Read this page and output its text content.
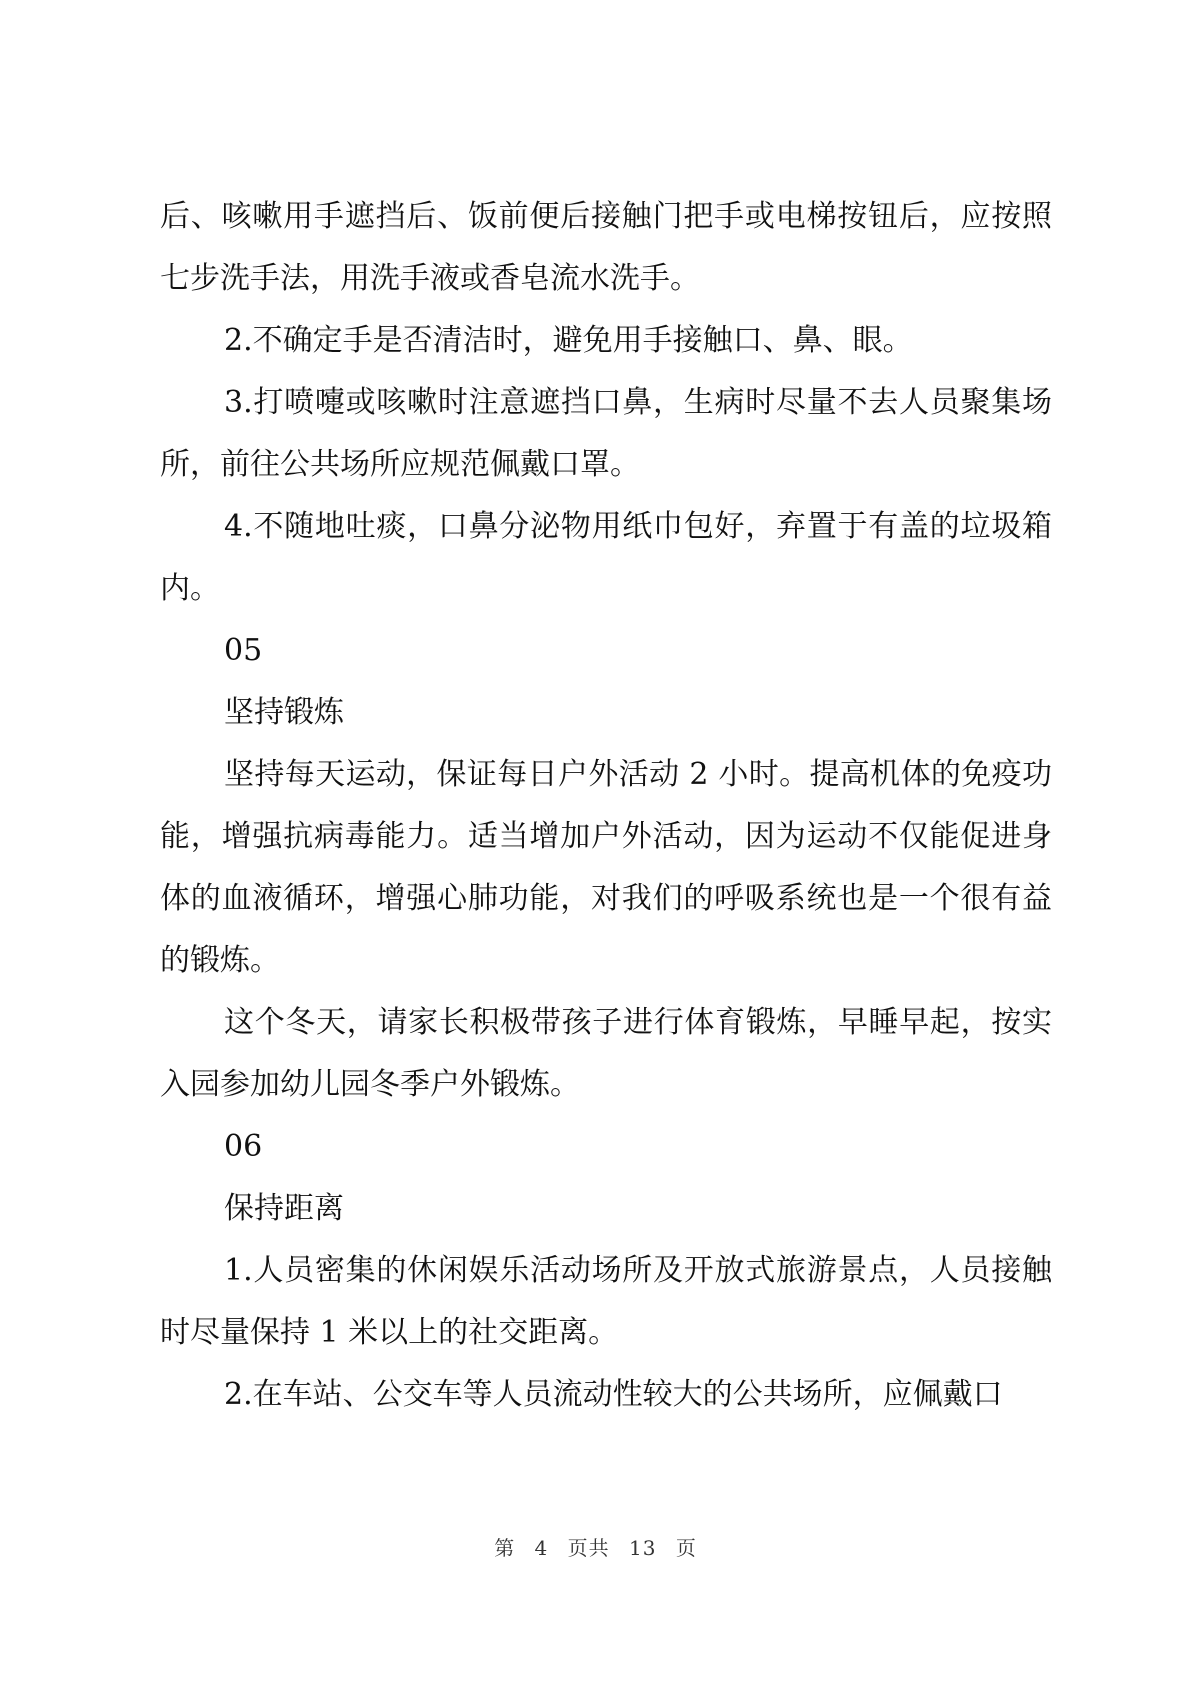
后、咳嗽用手遮挡后、饭前便后接触门把手或电梯按钮后，应按照七步洗手法，用洗手液或香皂流水洗手。

2.不确定手是否清洁时，避免用手接触口、鼻、眼。

3.打喷嚏或咳嗽时注意遮挡口鼻，生病时尽量不去人员聚集场所，前往公共场所应规范佩戴口罩。

4.不随地吐痰，口鼻分泌物用纸巾包好，弃置于有盖的垃圾箱内。

05

坚持锻炼

坚持每天运动，保证每日户外活动 2 小时。提高机体的免疫功能，增强抗病毒能力。适当增加户外活动，因为运动不仅能促进身体的血液循环，增强心肺功能，对我们的呼吸系统也是一个很有益的锻炼。

这个冬天，请家长积极带孩子进行体育锻炼，早睡早起，按实入园参加幼儿园冬季户外锻炼。

06

保持距离

1.人员密集的休闲娱乐活动场所及开放式旅游景点，人员接触时尽量保持 1 米以上的社交距离。

2.在车站、公交车等人员流动性较大的公共场所，应佩戴口

第 4 页共 13 页
